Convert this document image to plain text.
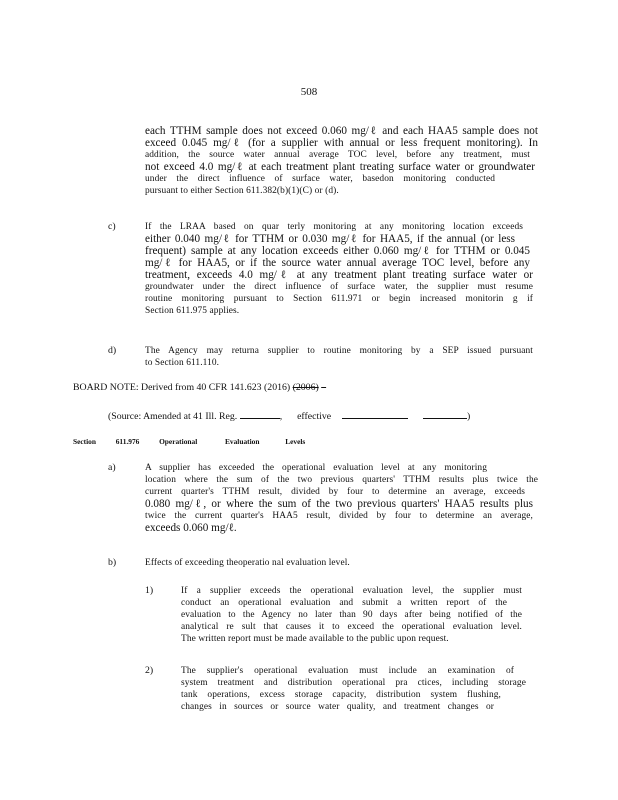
508
each TTHM sample does not exceed 0.060 mg/ℓ and each HAA5 sample does not
exceed 0.045 mg/ℓ (for a supplier with annual or less frequent monitoring). In
addition, the source water annual average TOC level, before any treatment, must
not exceed 4.0 mg/ℓ at each treatment plant treating surface water or groundwater
under the direct influence of surface water, basedon monitoring conducted
pursuant to either Section 611.382(b)(1)(C) or (d).
c)	If the LRAA based on quar terly monitoring at any monitoring location exceeds
either 0.040 mg/ℓ for TTHM or 0.030 mg/ℓ for HAA5, if the annual (or less
frequent) sample at any location exceeds either 0.060 mg/ℓ for TTHM or 0.045
mg/ℓ for HAA5, or if the source water annual average TOC level, before any
treatment, exceeds 4.0 mg/ℓ at any treatment plant treating surface water or
groundwater under the direct influence of surface water, the supplier must resume
routine monitoring pursuant to Section 611.971 or begin increased monitorin g if
Section 611.975 applies.
d)	The Agency may returna supplier to routine monitoring by a SEP issued pursuant
to Section 611.110.
BOARD NOTE: Derived from 40 CFR 141.623 (2016) (2006)
(Source: Amended at 41 Ill. Reg.	, effective	)
Section	611.976	Operational	Evaluation	Levels
a)	A supplier has exceeded the operational evaluation level at any monitoring
location where the sum of the two previous quarters' TTHM results plus twice the
current quarter's TTHM result, divided by four to determine an average, exceeds
0.080 mg/ℓ, or where the sum of the two previous quarters' HAA5 results plus
twice the current quarter's HAA5 result, divided by four to determine an average,
exceeds 0.060 mg/ℓ.
b)	Effects of exceeding theoperatio nal evaluation level.
1)	If a supplier exceeds the operational evaluation level, the supplier must
conduct an operational evaluation and submit a written report of the
evaluation to the Agency no later than 90 days after being notified of the
analytical re sult that causes it to exceed the operational evaluation level.
The written report must be made available to the public upon request.
2)	The supplier's operational evaluation must include an examination of
system treatment and distribution operational pra ctices, including storage
tank operations, excess storage capacity, distribution system flushing,
changes in sources or source water quality, and treatment changes or
